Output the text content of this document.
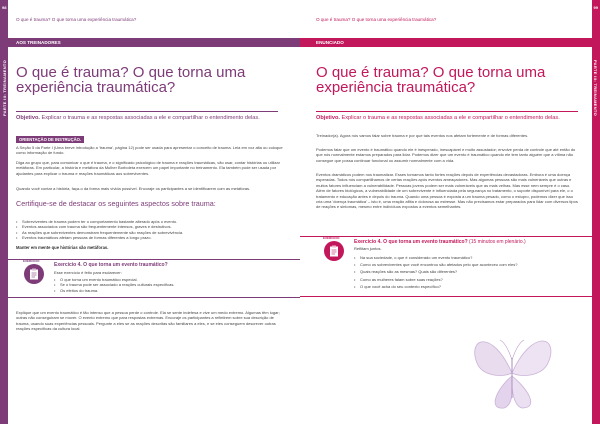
98
PARTE III: TREINAMENTO
O que é trauma? O que torna uma experiência traumática?
AOS TREINADORES
O que é trauma? O que torna uma experiência traumática?
Objetivo. Explicar o trauma e as respostas associadas a ele e compartilhar o entendimento delas.
ORIENTAÇÃO DE INSTRUÇÃO.
A Seção 5 da Parte I (Uma breve introdução a 'trauma', página 12) pode ser usada para apresentar o conceito de trauma. Leia em voz alta ou coloque como informação de fundo.
Diga ao grupo que, para comunicar o que é trauma, e o significado psicológico de trauma e reações traumáticas, vão usar, contar histórias ou utilizar metáforas. Em particular, a história e metáfora da Mulher Borboleta exercem um papel importante no treinamento. Ela também pode ser usada por ajudantes para explicar o trauma e reações traumáticas aos sobreviventes.
Quando você contar a história, faça-o da forma mais vívida possível. Encoraje os participantes a se identificarem com as metáforas.
Certifique-se de destacar os seguintes aspectos sobre trauma:
• Sobreviventes de trauma podem ter o comportamento bastante alterado após o evento.
• Eventos associados com trauma são frequentemente intensos, graves e destrutivos.
• As reações que sobreviventes demonstram frequentemente são reações de sobrevivência.
• Eventos traumáticos afetam pessoas de formas diferentes a longo prazo.
Manter em mente que histórias são metáforas.
Exercício 4. O que torna um evento traumático?
EXERCÍCIO
Esse exercício é feito para esclarecer:
• O que torna um evento traumático especial.
• Se o trauma pode ser associado a reações culturais específicas.
• Os efeitos do trauma.
Explique que um evento traumático é tão intenso que a pessoa perde o controle. Ela se sente indefesa e vive um medo extremo. Algumas têm lugar; outras não conseguiram se mover. O evento extremo que para respostas extremas. Encoraje os participantes a refletirem sobre sua descrição de trauma, usando suas experiências pessoais. Pergunte a eles se as reações descritas são familiares a eles, e se eles conseguem descrever outras reações específicas da cultura local.
99
PARTE III: TREINAMENTO
O que é trauma? O que torna uma experiência traumática?
ENUNCIADO
O que é trauma? O que torna uma experiência traumática?
Objetivo. Explicar o trauma e as respostas associadas a ele e compartilhar o entendimento delas.
Treinador(a). Agora nós vamos falar sobre trauma e por que tais eventos nos afetam fortemente e de formas diferentes.
Podemos falar que um evento é traumático quando ele é inesperado, inescapável e muito assustador; envolve perda de controle que até então do que nós normalmente estamos preparados para lidar. Podemos dizer que um evento é traumático quando ele tem tanto alguém que a vítima não consegue que possa continuar funcional ou assumir normalmente com a vida.
Eventos dramáticos podem nos traumatizar. Esses tornamos tanto fortes reações depois de experiências devastadoras. Embora é uma doença esperadas. Todos nós compartilhamos de certas reações após eventos ameaçadores. Mas algumas pessoas são mais vulneráveis que outras e muitos fatores influenciam a vulnerabilidade. Pessoas jovens podem ser mais vulneráveis que as mais velhas. Mas esse nem sempre é o caso. Além de fatores biológicos, a vulnerabilidade de um sobrevivente é influenciada pela segurança no tratamento, o suporte disponível para ele, o o tratamento e educação antes e depois do trauma. Quando uma pessoa é exposta a um trauma pesado, como o estupro, podemos dizer que isso cria uma 'doença traumática' – isto é, uma reação aflita e dolorosa ao estresse. Mas não precisamos estar preparados para lidar com diversos tipos de reações e sintomas, mesmo entre indivíduos expostos a eventos semelhantes.
Exercício 4. O que torna um evento traumático? (15 minutos em plenário.)
EXERCÍCIO
Reflitam juntos.
• Na sua sociedade, o que é considerado um evento traumático?
• Como os sobreviventes que você encontrou são afetados pelo que aconteceu com eles?
• Quais reações são as mesmas? Quais são diferentes?
• Como as mulheres falam sobre suas reações?
• O que você acha do seu contexto específico?
